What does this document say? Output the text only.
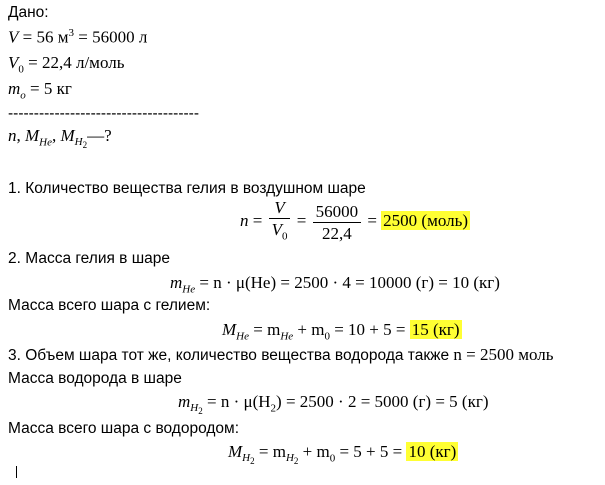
Дано:
V = 56 $м^3 = 56000$ л
$V_0 = 22,4$ л/моль
$m_o = 5$ кг
-------------------------------------
n, $M_{He}$, $M_{H_2}—$?
1. Количество вещества гелия в воздушном шаре
$n = \frac{V}{V_0} = \frac{56000}{22,4} = 2500$ (моль)
2. Масса гелия в шаре
$m_{He} = n \cdot \mu(He) = 2500 \cdot 4 = 10000$ (г) = 10 (кг)
Масса всего шара с гелием:
$M_{He} = m_{He} + m_0 = 10 + 5 = 15$ (кг)
3. Объем шара тот же, количество вещества водорода также n = 2500 моль
Масса водорода в шаре
$m_{H_2} = n \cdot \mu(H_2) = 2500 \cdot 2 = 5000$ (г) = 5 (кг)
Масса всего шара с водородом:
$M_{H_2} = m_{H_2} + m_0 = 5 + 5 = 10$ (кг)
